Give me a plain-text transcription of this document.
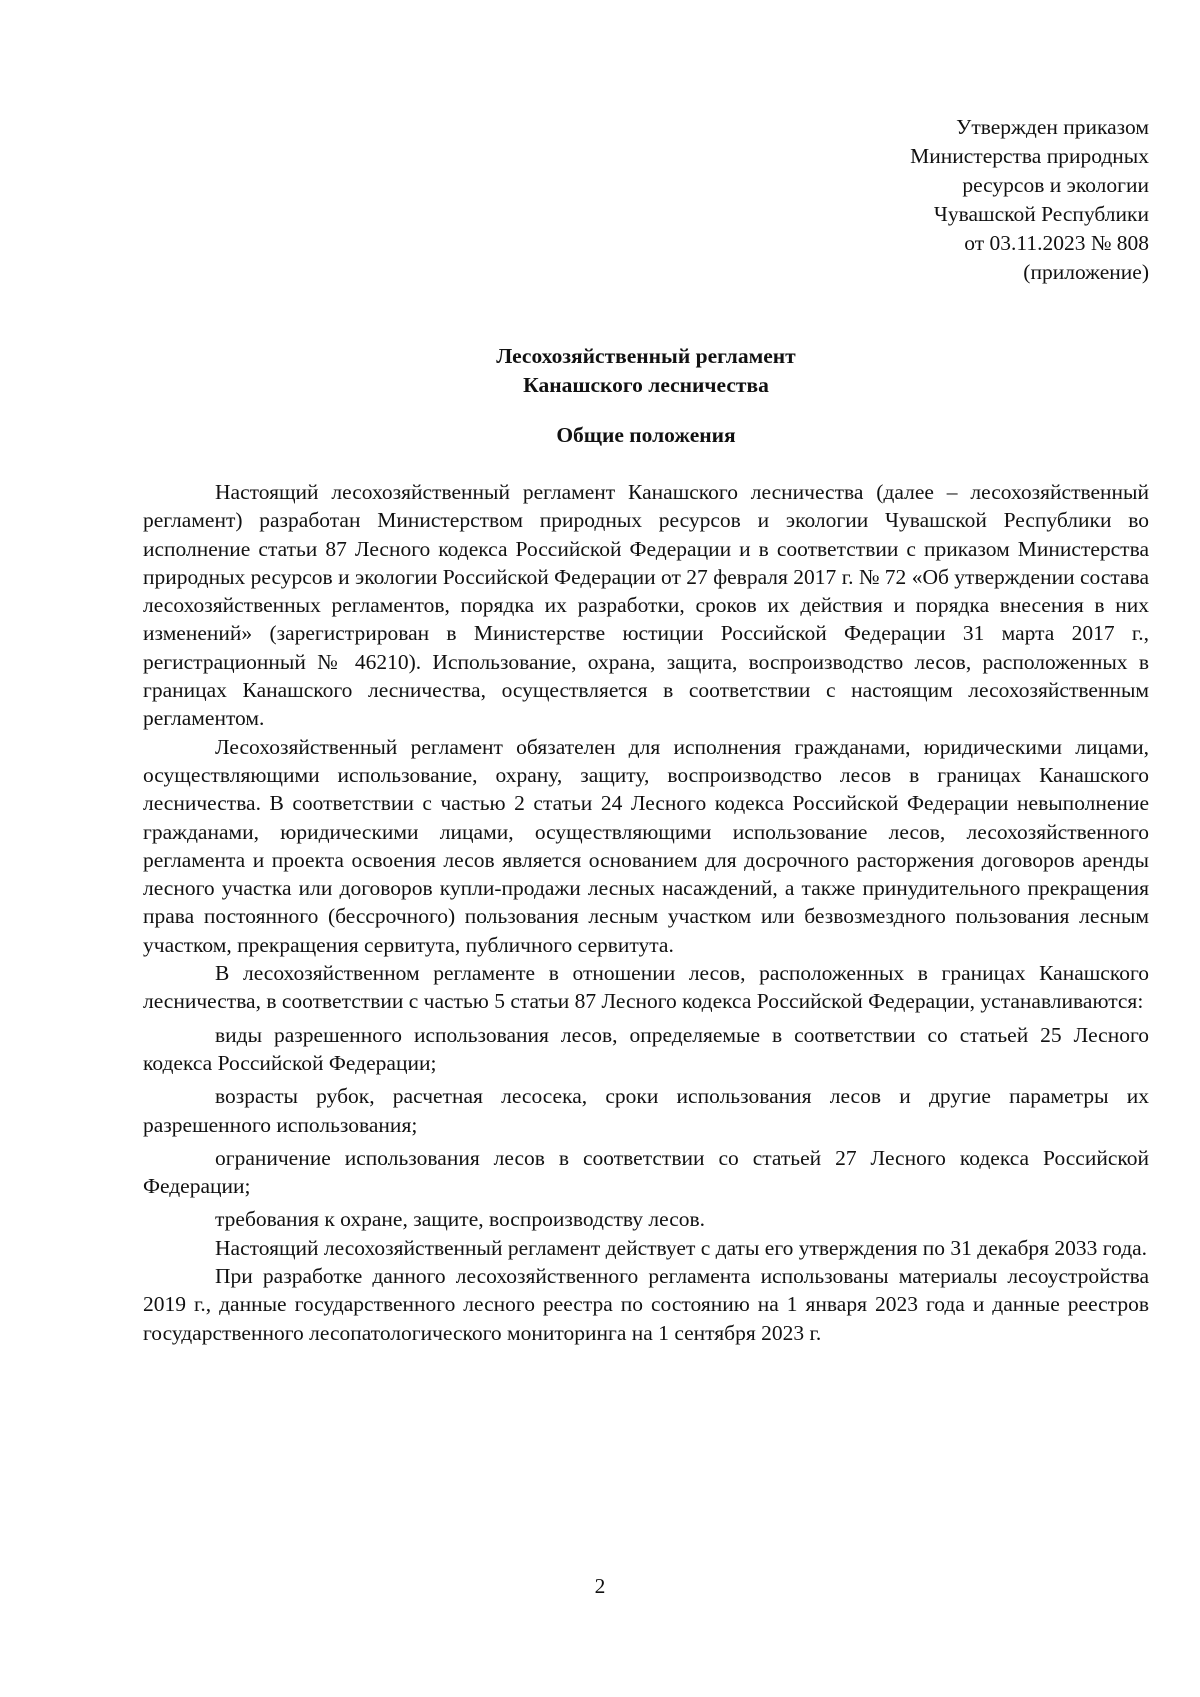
Утвержден приказом
Министерства природных
ресурсов и экологии
Чувашской Республики
от 03.11.2023 № 808
(приложение)
Лесохозяйственный регламент
Канашского лесничества
Общие положения

Настоящий лесохозяйственный регламент Канашского лесничества (далее – лесохозяйственный регламент) разработан Министерством природных ресурсов и экологии Чувашской Республики во исполнение статьи 87 Лесного кодекса Российской Федерации и в соответствии с приказом Министерства природных ресурсов и экологии Российской Федерации от 27 февраля 2017 г. № 72 «Об утверждении состава лесохозяйственных регламентов, порядка их разработки, сроков их действия и порядка внесения в них изменений» (зарегистрирован в Министерстве юстиции Российской Федерации 31 марта 2017 г., регистрационный № 46210). Использование, охрана, защита, воспроизводство лесов, расположенных в границах Канашского лесничества, осуществляется в соответствии с настоящим лесохозяйственным регламентом.

Лесохозяйственный регламент обязателен для исполнения гражданами, юридическими лицами, осуществляющими использование, охрану, защиту, воспроизводство лесов в границах Канашского лесничества. В соответствии с частью 2 статьи 24 Лесного кодекса Российской Федерации невыполнение гражданами, юридическими лицами, осуществляющими использование лесов, лесохозяйственного регламента и проекта освоения лесов является основанием для досрочного расторжения договоров аренды лесного участка или договоров купли-продажи лесных насаждений, а также принудительного прекращения права постоянного (бессрочного) пользования лесным участком или безвозмездного пользования лесным участком, прекращения сервитута, публичного сервитута.

В лесохозяйственном регламенте в отношении лесов, расположенных в границах Канашского лесничества, в соответствии с частью 5 статьи 87 Лесного кодекса Российской Федерации, устанавливаются:

виды разрешенного использования лесов, определяемые в соответствии со статьей 25 Лесного кодекса Российской Федерации;

возрасты рубок, расчетная лесосека, сроки использования лесов и другие параметры их разрешенного использования;

ограничение использования лесов в соответствии со статьей 27 Лесного кодекса Российской Федерации;

требования к охране, защите, воспроизводству лесов.

Настоящий лесохозяйственный регламент действует с даты его утверждения по 31 декабря 2033 года.

При разработке данного лесохозяйственного регламента использованы материалы лесоустройства 2019 г., данные государственного лесного реестра по состоянию на 1 января 2023 года и данные реестров государственного лесопатологического мониторинга на 1 сентября 2023 г.

2
